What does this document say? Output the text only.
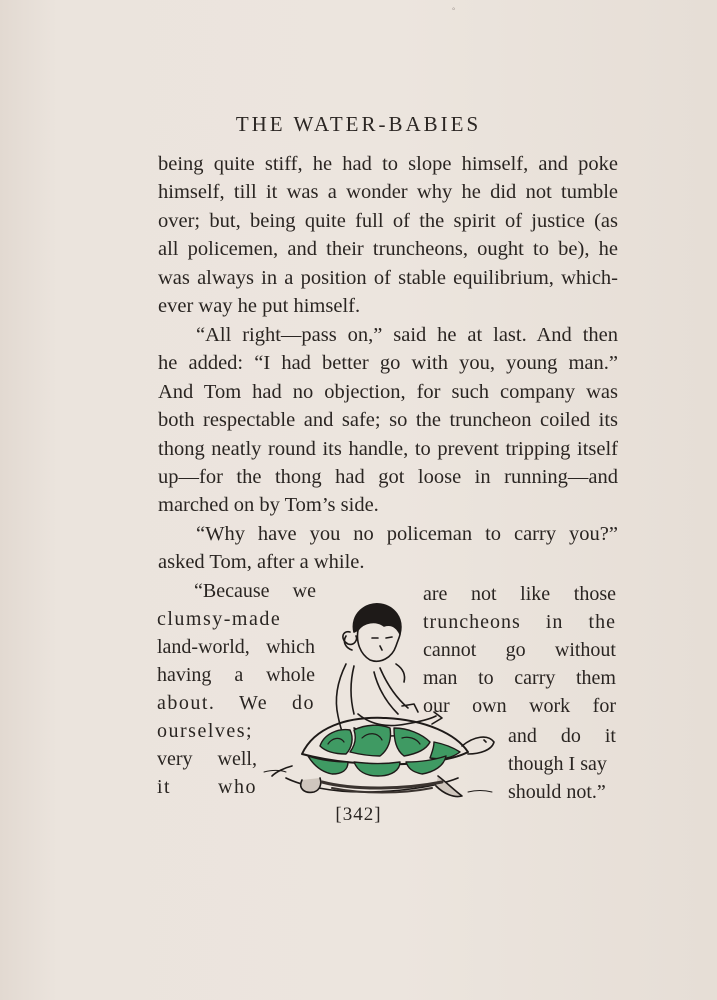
°
THE WATER-BABIES
being quite stiff, he had to slope himself, and poke
himself, till it was a wonder why he did not tumble
over; but, being quite full of the spirit of justice (as
all policemen, and their truncheons, ought to be), he
was always in a position of stable equilibrium, which-
ever way he put himself.
“All right—pass on,” said he at last. And then
he added: “I had better go with you, young man.”
And Tom had no objection, for such company was
both respectable and safe; so the truncheon coiled its
thong neatly round its handle, to prevent tripping itself
up—for the thong had got loose in running—and
marched on by Tom’s side.
“Why have you no policeman to carry you?”
asked Tom, after a while.
“Because we
clumsy-made
land-world, which
having a whole
about. We do
ourselves;
very well,
it who
are not like those
truncheons in the
cannot go without
man to carry them
our own work for
and do it
though I say
should not.”
[342]
